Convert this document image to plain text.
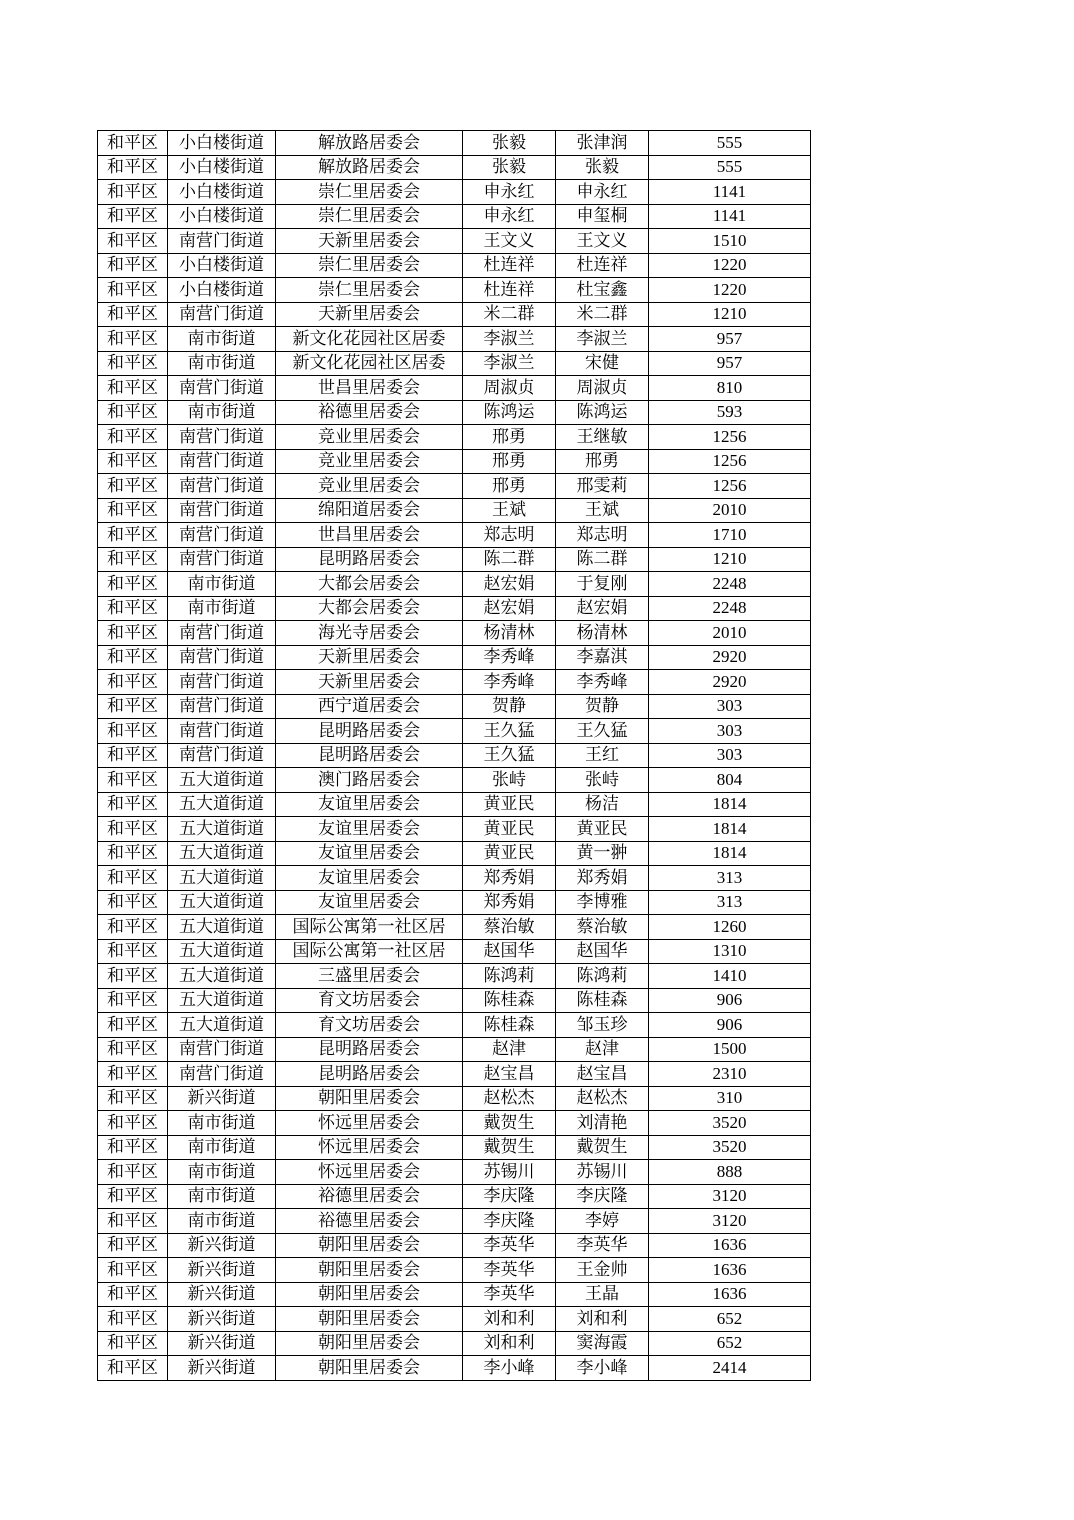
和平区	小白楼街道	解放路居委会	张毅	张津润	555
和平区	小白楼街道	解放路居委会	张毅	张毅	555
和平区	小白楼街道	崇仁里居委会	申永红	申永红	1141
和平区	小白楼街道	崇仁里居委会	申永红	申玺桐	1141
和平区	南营门街道	天新里居委会	王文义	王文义	1510
和平区	小白楼街道	崇仁里居委会	杜连祥	杜连祥	1220
和平区	小白楼街道	崇仁里居委会	杜连祥	杜宝鑫	1220
和平区	南营门街道	天新里居委会	米二群	米二群	1210
和平区	南市街道	新文化花园社区居委	李淑兰	李淑兰	957
和平区	南市街道	新文化花园社区居委	李淑兰	宋健	957
和平区	南营门街道	世昌里居委会	周淑贞	周淑贞	810
和平区	南市街道	裕德里居委会	陈鸿运	陈鸿运	593
和平区	南营门街道	竞业里居委会	邢勇	王继敏	1256
和平区	南营门街道	竞业里居委会	邢勇	邢勇	1256
和平区	南营门街道	竞业里居委会	邢勇	邢雯莉	1256
和平区	南营门街道	绵阳道居委会	王斌	王斌	2010
和平区	南营门街道	世昌里居委会	郑志明	郑志明	1710
和平区	南营门街道	昆明路居委会	陈二群	陈二群	1210
和平区	南市街道	大都会居委会	赵宏娟	于复刚	2248
和平区	南市街道	大都会居委会	赵宏娟	赵宏娟	2248
和平区	南营门街道	海光寺居委会	杨清林	杨清林	2010
和平区	南营门街道	天新里居委会	李秀峰	李嘉淇	2920
和平区	南营门街道	天新里居委会	李秀峰	李秀峰	2920
和平区	南营门街道	西宁道居委会	贺静	贺静	303
和平区	南营门街道	昆明路居委会	王久猛	王久猛	303
和平区	南营门街道	昆明路居委会	王久猛	王红	303
和平区	五大道街道	澳门路居委会	张峙	张峙	804
和平区	五大道街道	友谊里居委会	黄亚民	杨洁	1814
和平区	五大道街道	友谊里居委会	黄亚民	黄亚民	1814
和平区	五大道街道	友谊里居委会	黄亚民	黄一翀	1814
和平区	五大道街道	友谊里居委会	郑秀娟	郑秀娟	313
和平区	五大道街道	友谊里居委会	郑秀娟	李博雅	313
和平区	五大道街道	国际公寓第一社区居	蔡治敏	蔡治敏	1260
和平区	五大道街道	国际公寓第一社区居	赵国华	赵国华	1310
和平区	五大道街道	三盛里居委会	陈鸿莉	陈鸿莉	1410
和平区	五大道街道	育文坊居委会	陈桂森	陈桂森	906
和平区	五大道街道	育文坊居委会	陈桂森	邹玉珍	906
和平区	南营门街道	昆明路居委会	赵津	赵津	1500
和平区	南营门街道	昆明路居委会	赵宝昌	赵宝昌	2310
和平区	新兴街道	朝阳里居委会	赵松杰	赵松杰	310
和平区	南市街道	怀远里居委会	戴贺生	刘清艳	3520
和平区	南市街道	怀远里居委会	戴贺生	戴贺生	3520
和平区	南市街道	怀远里居委会	苏锡川	苏锡川	888
和平区	南市街道	裕德里居委会	李庆隆	李庆隆	3120
和平区	南市街道	裕德里居委会	李庆隆	李婷	3120
和平区	新兴街道	朝阳里居委会	李英华	李英华	1636
和平区	新兴街道	朝阳里居委会	李英华	王金帅	1636
和平区	新兴街道	朝阳里居委会	李英华	王晶	1636
和平区	新兴街道	朝阳里居委会	刘和利	刘和利	652
和平区	新兴街道	朝阳里居委会	刘和利	窦海霞	652
和平区	新兴街道	朝阳里居委会	李小峰	李小峰	2414
